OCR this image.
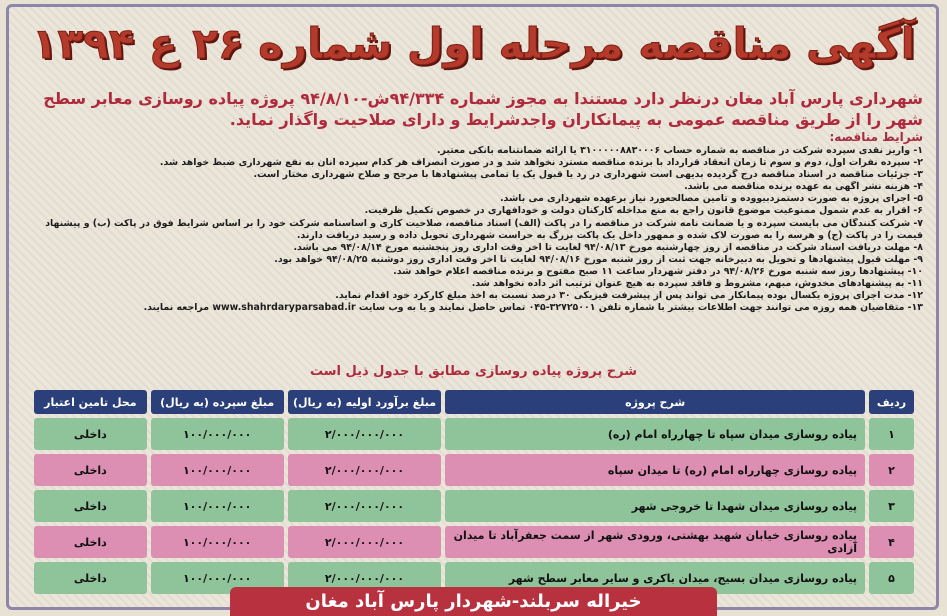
آگهی مناقصه مرحله اول شماره ۲۶ ع ۱۳۹۴
شهرداری پارس آباد مغان درنظر دارد مستندا به مجوز شماره ۹۴/۳۳۴ش-۹۴/۸/۱۰ پروژه پیاده روسازی معابر سطح شهر را از طریق مناقصه عمومی به پیمانکاران واجدشرایط و دارای صلاحیت واگذار نماید.
شرایط مناقصه:
۱- واریز نقدی سپرده شرکت در مناقصه به شماره حساب ۳۱۰۰۰۰۰۸۸۳۰۰۰۶ یا ارائه ضمانتنامه بانکی معتبر.
۲- سپرده نفرات اول، دوم و سوم تا زمان انعقاد قرارداد با برنده مناقصه مسترد نخواهد شد و در صورت انصراف هر کدام سپرده آنان به نفع شهرداری ضبط خواهد شد.
۳- جزئیات مناقصه در اسناد مناقصه درج گردیده بدیهی است شهرداری در رد یا قبول یک یا تمامی پیشنهادها با مرجح و صلاح شهرداری مختار است.
۴- هزینه نشر آگهی به عهده برنده مناقصه می باشد.
۵- اجرای پروژه به صورت دستمزدبیووده و تامین مصالحعورد نیاز برعهده شهرداری می باشد.
۶- اقرار به عدم شمول ممنوعیت موضوع قانون راجع به منع مداخله کارکنان دولت و خودافهاری در خصوص تکمیل ظرفیت.
۷- شرکت کنندگان می بایست سپرده و یا ضمانت نامه شرکت در مناقصه را در پاکت (الف) اسناد مناقصه، صلاحیت کاری و اساسنامه شرکت خود را بر اساس شرایط فوق در پاکت (ب) و پیشنهاد قیمت را در پاکت (ج) و هرسه را به صورت لاک شده و ممهور داخل یک پاکت بزرگ به حراست شهرداری تحویل داده و رسید دریافت دارند.
۸- مهلت دریافت اسناد شرکت در مناقصه از روز چهارشنبه مورخ ۹۴/۰۸/۱۳ لغایت تا آخر وقت اداری روز پنجشنبه مورخ ۹۴/۰۸/۱۴ می باشد.
۹- مهلت قبول پیشنهادها و تحویل به دبیرخانه جهت ثبت از روز شنبه مورخ ۹۴/۰۸/۱۶ لغایت تا آخر وقت اداری روز دوشنبه ۹۴/۰۸/۲۵ خواهد بود.
۱۰- پیشنهادها روز سه شنبه مورخ ۹۴/۰۸/۲۶ در دفتر شهردار ساعت ۱۱ صبح مفتوح و برنده مناقصه اعلام خواهد شد.
۱۱- به پیشنهادهای مخدوش، مبهم، مشروط و فاقد سپرده به هیچ عنوان ترتیب اثر داده نخواهد شد.
۱۲- مدت اجرای پروژه یکسال بوده پیمانکار می تواند پس از پیشرفت فیزیکی ۳۰ درصد نسبت به اخذ مبلغ کارکرد خود اقدام نماید.
۱۳- متقاضیان همه روزه می توانند جهت اطلاعات بیشتر با شماره تلفن ۳۲۷۲۵۰۰۱-۰۴۵ تماس حاصل نمایند و یا به وب سایت www.shahrdaryparsabad.ir مراجعه نمایند.
شرح پروژه پیاده روسازی مطابق با جدول ذیل است
ردیف	شرح پروژه	مبلغ برآورد اولیه (به ریال)	مبلغ سپرده (به ریال)	محل تامین اعتبار
۱	پیاده روسازی میدان سپاه تا چهارراه امام (ره)	۲/۰۰۰/۰۰۰/۰۰۰	۱۰۰/۰۰۰/۰۰۰	داخلی
۲	پیاده روسازی چهارراه امام (ره) تا میدان سپاه	۲/۰۰۰/۰۰۰/۰۰۰	۱۰۰/۰۰۰/۰۰۰	داخلی
۳	پیاده روسازی میدان شهدا تا خروجی شهر	۲/۰۰۰/۰۰۰/۰۰۰	۱۰۰/۰۰۰/۰۰۰	داخلی
۴	پیاده روسازی خیابان شهید بهشتی، ورودی شهر از سمت جعفرآباد تا میدان آزادی	۲/۰۰۰/۰۰۰/۰۰۰	۱۰۰/۰۰۰/۰۰۰	داخلی
۵	پیاده روسازی میدان بسیج، میدان باکری و سایر معابر سطح شهر	۲/۰۰۰/۰۰۰/۰۰۰	۱۰۰/۰۰۰/۰۰۰	داخلی
خیراله سربلند-شهردار پارس آباد مغان
